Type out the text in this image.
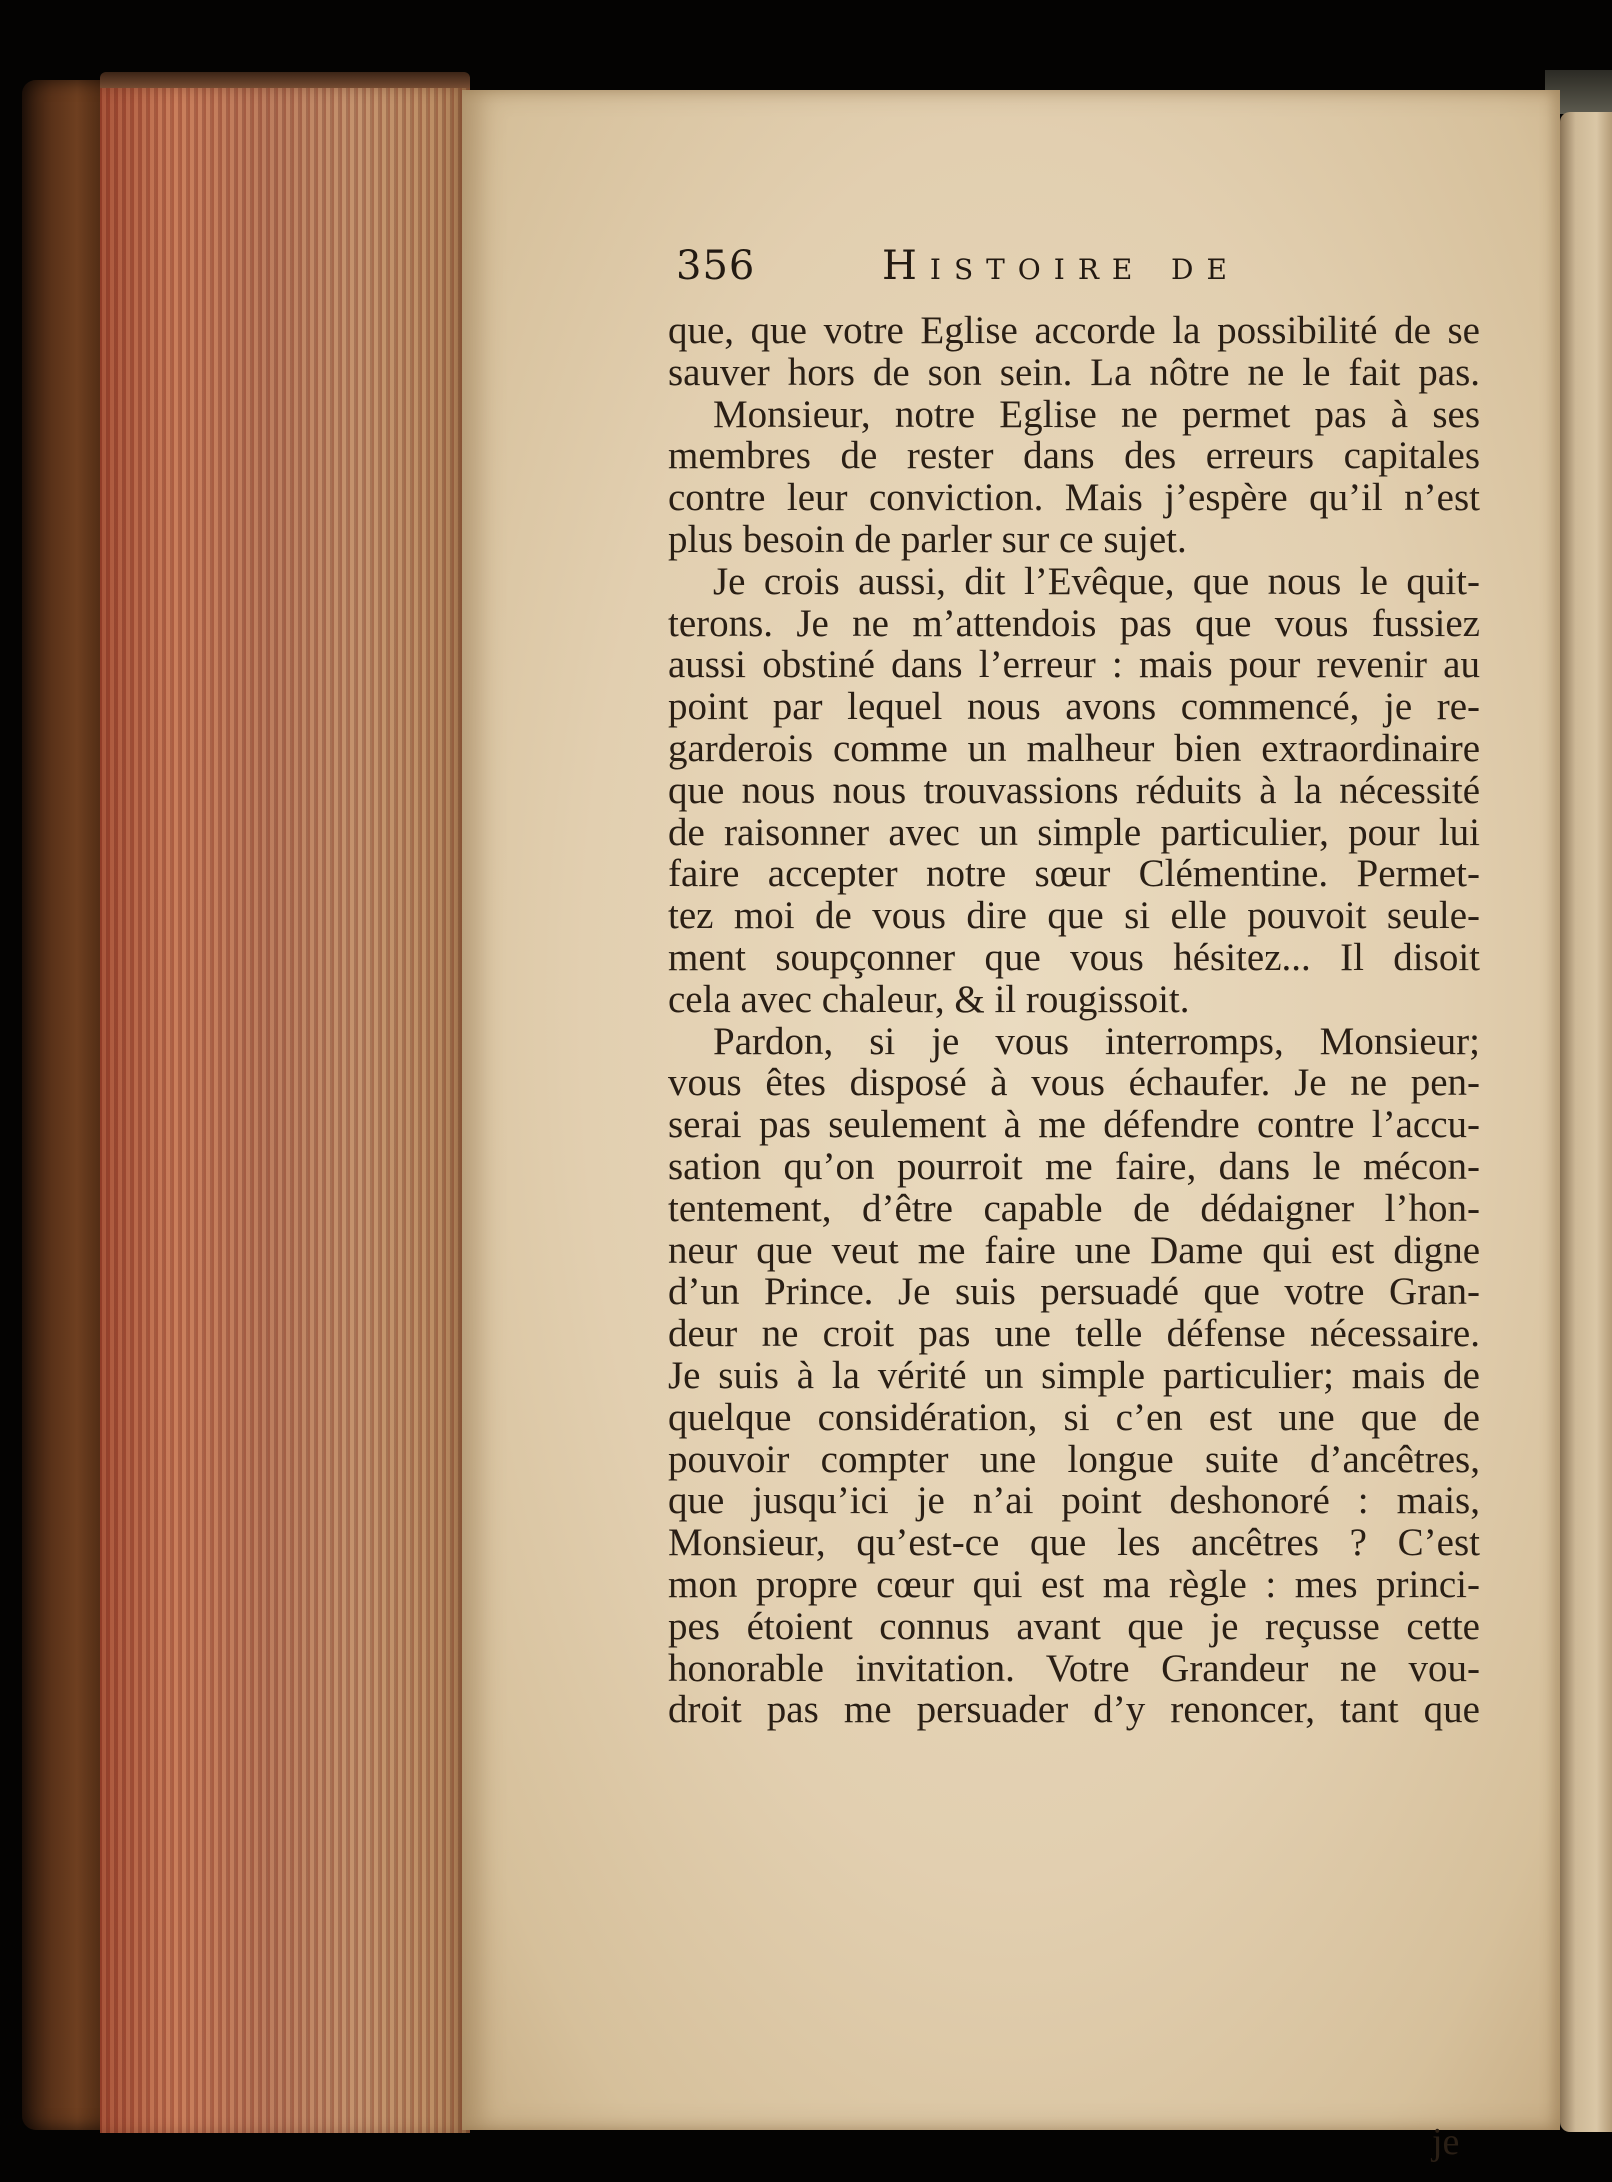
356	Histoire de
que, que votre Eglise accorde la possibilité de se
sauver hors de son sein. La nôtre ne le fait pas.
Monsieur, notre Eglise ne permet pas à ses
membres de rester dans des erreurs capitales
contre leur conviction. Mais j’espère qu’il n’est
plus besoin de parler sur ce sujet.
Je crois aussi, dit l’Evêque, que nous le quit-
terons. Je ne m’attendois pas que vous fussiez
aussi obstiné dans l’erreur : mais pour revenir au
point par lequel nous avons commencé, je re-
garderois comme un malheur bien extraordinaire
que nous nous trouvassions réduits à la nécessité
de raisonner avec un simple particulier, pour lui
faire accepter notre sœur Clémentine. Permet-
tez moi de vous dire que si elle pouvoit seule-
ment soupçonner que vous hésitez... Il disoit
cela avec chaleur, & il rougissoit.
Pardon, si je vous interromps, Monsieur;
vous êtes disposé à vous échaufer. Je ne pen-
serai pas seulement à me défendre contre l’accu-
sation qu’on pourroit me faire, dans le mécon-
tentement, d’être capable de dédaigner l’hon-
neur que veut me faire une Dame qui est digne
d’un Prince. Je suis persuadé que votre Gran-
deur ne croit pas une telle défense nécessaire.
Je suis à la vérité un simple particulier; mais de
quelque considération, si c’en est une que de
pouvoir compter une longue suite d’ancêtres,
que jusqu’ici je n’ai point deshonoré : mais,
Monsieur, qu’est-ce que les ancêtres ? C’est
mon propre cœur qui est ma règle : mes princi-
pes étoient connus avant que je reçusse cette
honorable invitation. Votre Grandeur ne vou-
droit pas me persuader d’y renoncer, tant que
je
